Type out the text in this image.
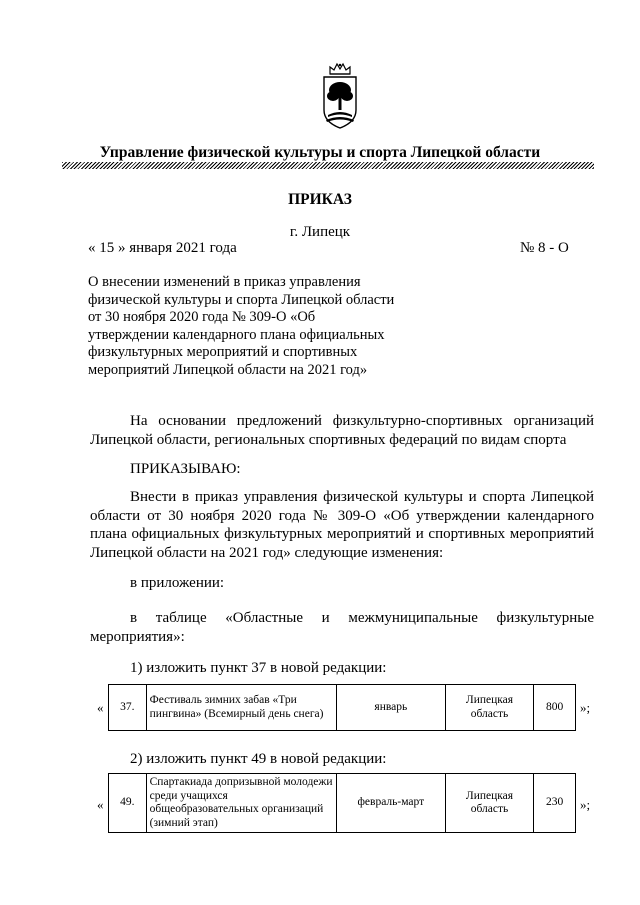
Управление физической культуры и спорта Липецкой области
ПРИКАЗ
г. Липецк
« 15 » января 2021 года	№ 8 - О
О внесении изменений в приказ управления физической культуры и спорта Липецкой области от 30 ноября 2020 года № 309-О «Об утверждении календарного плана официальных физкультурных мероприятий и спортивных мероприятий Липецкой области на 2021 год»
На основании предложений физкультурно-спортивных организаций Липецкой области, региональных спортивных федераций по видам спорта
ПРИКАЗЫВАЮ:
Внести в приказ управления физической культуры и спорта Липецкой области от 30 ноября 2020 года № 309-О «Об утверждении календарного плана официальных физкультурных мероприятий и спортивных мероприятий Липецкой области на 2021 год» следующие изменения:
в приложении:
в таблице «Областные и межмуниципальные физкультурные мероприятия»:
1) изложить пункт 37 в новой редакции:
« 37.	Фестиваль зимних забав «Три пингвина» (Всемирный день снега)	январь	Липецкая область	800 »;
2) изложить пункт 49 в новой редакции:
« 49.	Спартакиада допризывной молодежи среди учащихся общеобразовательных организаций (зимний этап)	февраль-март	Липецкая область	230 »;
